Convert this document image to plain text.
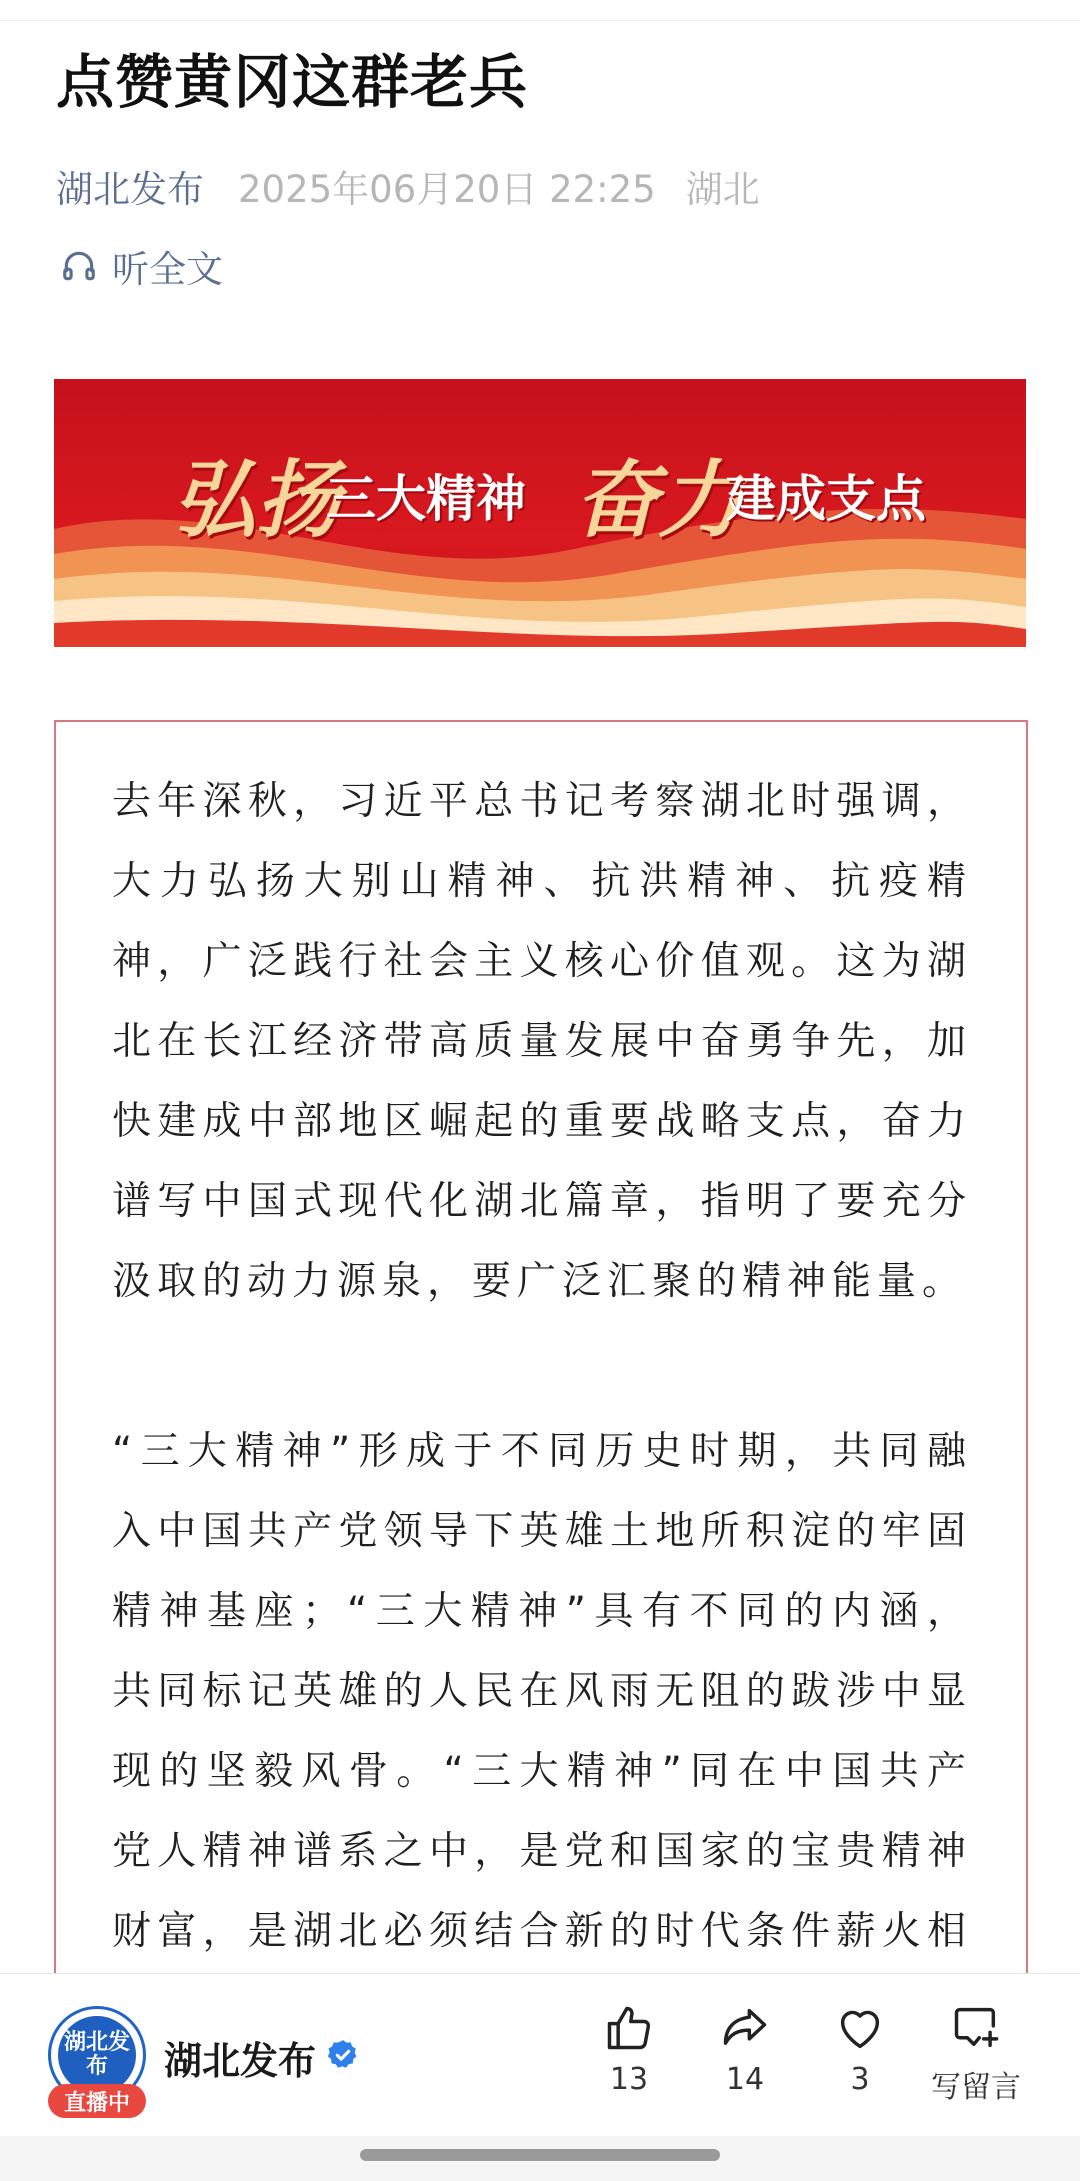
点赞黄冈这群老兵
湖北发布 2025年06月20日 22:25 湖北
听全文
弘扬
三大精神 奋力
建成支点
去年深秋，习近平总书记考察湖北时强调，大力弘扬大别山精神、抗洪精神、抗疫精神，广泛践行社会主义核心价值观。这为湖北在长江经济带高质量发展中奋勇争先，加快建成中部地区崛起的重要战略支点，奋力谱写中国式现代化湖北篇章，指明了要充分汲取的动力源泉，要广泛汇聚的精神能量。
“三大精神”形成于不同历史时期，共同融入中国共产党领导下英雄土地所积淀的牢固精神基座；“三大精神”具有不同的内涵，共同标记英雄的人民在风雨无阻的跋涉中显现的坚毅风骨。“三大精神”同在中国共产党人精神谱系之中，是党和国家的宝贵精神财富，是湖北必须结合新的时代条件薪火相
湖北发布
直播中
湖北发布	13	14	3 写留言
